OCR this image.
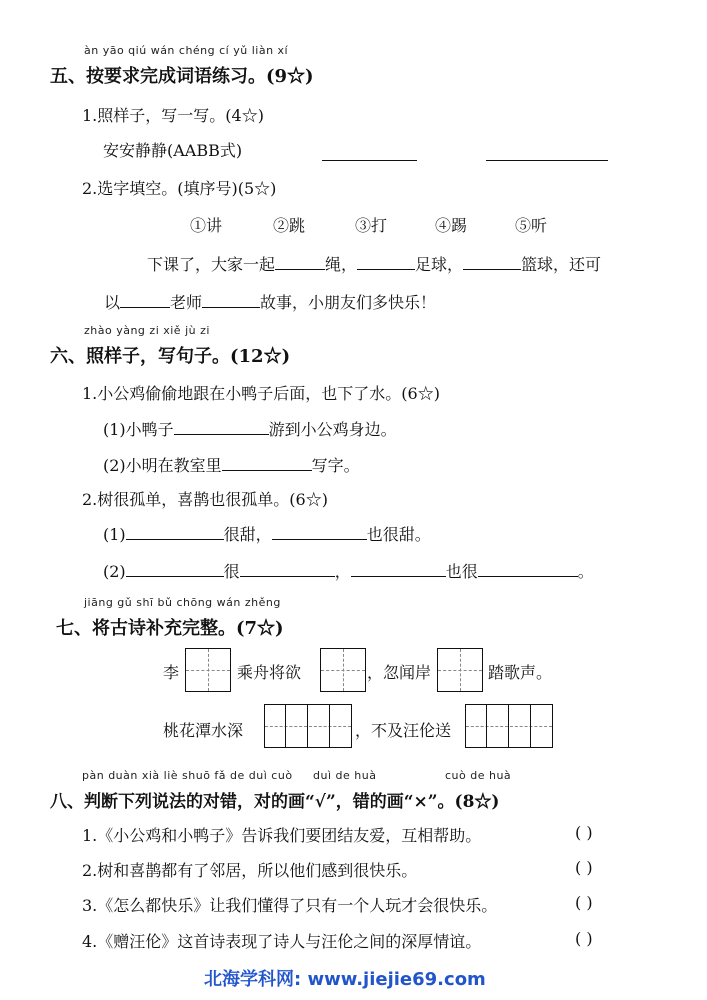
àn yāo qiú wán chéng cí yǔ liàn xí
五、按要求完成词语练习。(9☆)
1.照样子，写一写。(4☆)
安安静静(AABB式)
2.选字填空。(填序号)(5☆)
①讲	②跳	③打	④踢	⑤听
下课了，大家一起	绳，	足球，	篮球，还可
以	老师	故事，小朋友们多快乐！
zhào yàng zi xiě jù zi
六、照样子，写句子。(12☆)
1.小公鸡偷偷地跟在小鸭子后面，也下了水。(6☆)
(1)小鸭子	游到小公鸡身边。
(2)小明在教室里	写字。
2.树很孤单，喜鹊也很孤单。(6☆)
(1)	很甜，	也很甜。
(2)	很	，	也很	。
jiāng gǔ shī bǔ chōng wán zhěng
七、将古诗补充完整。(7☆)
李	乘舟将欲	，忽闻岸	踏歌声。
桃花潭水深	，不及汪伦送
pàn duàn xià liè shuō fǎ de duì cuò duì de huà	cuò de huà
八、判断下列说法的对错，对的画“√”，错的画“×”。(8☆)
1.《小公鸡和小鸭子》告诉我们要团结友爱，互相帮助。	( )
2.树和喜鹊都有了邻居，所以他们感到很快乐。	( )
3.《怎么都快乐》让我们懂得了只有一个人玩才会很快乐。	( )
4.《赠汪伦》这首诗表现了诗人与汪伦之间的深厚情谊。	( )
北海学科网: www.jiejie69.com
